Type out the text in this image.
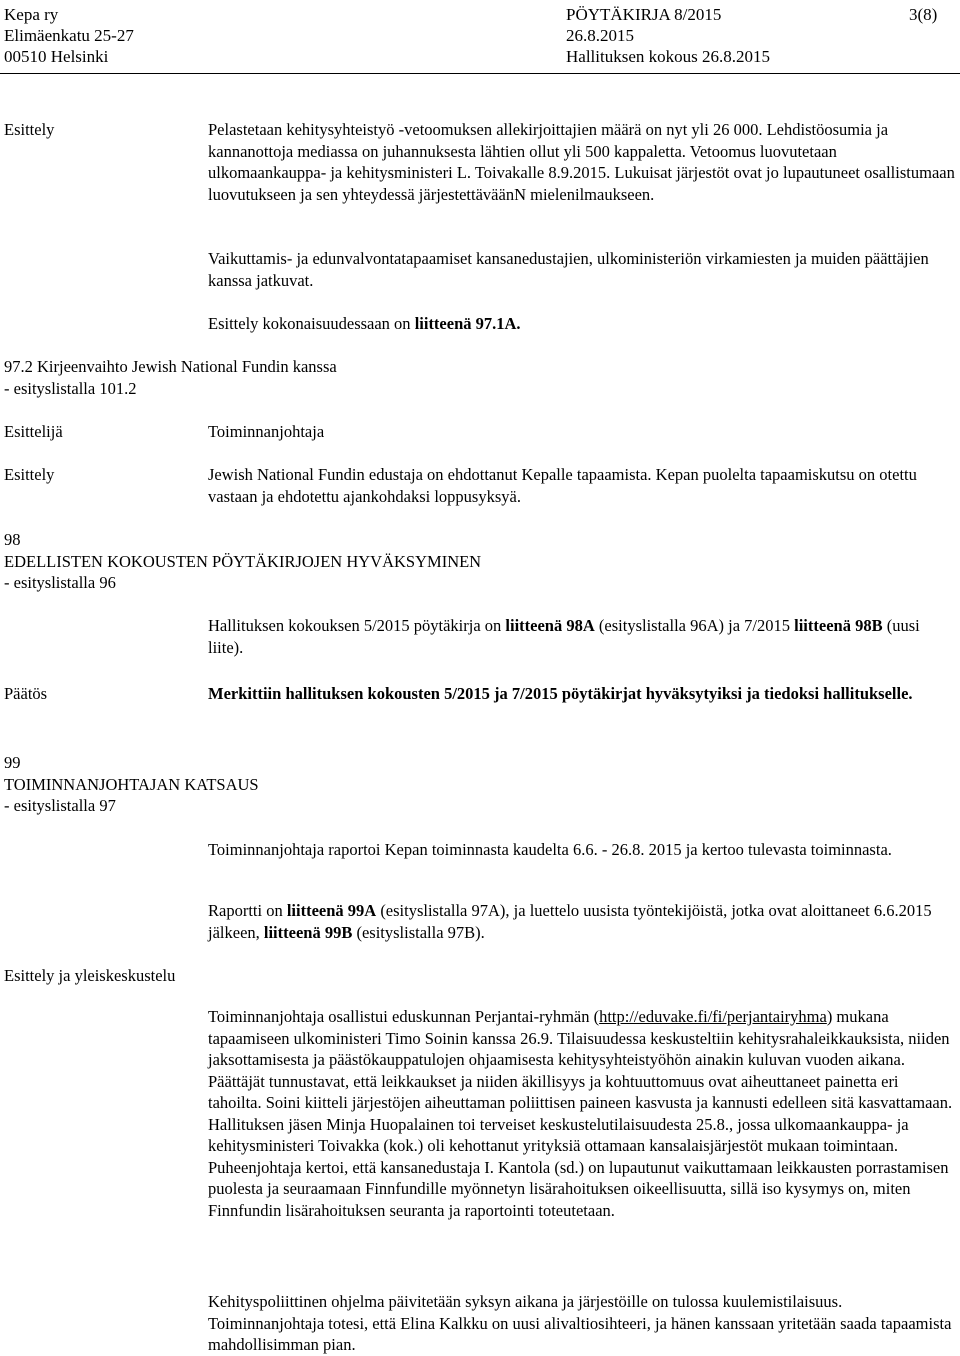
Kepa ry
Elimäenkatu 25-27
00510 Helsinki
PÖYTÄKIRJA 8/2015
26.8.2015
Hallituksen kokous 26.8.2015
3(8)
Esittely	Pelastetaan kehitysyhteistyö -vetoomuksen allekirjoittajien määrä on nyt yli 26 000. Lehdistöosumia ja kannanottoja mediassa on juhannuksesta lähtien ollut yli 500 kappaletta. Vetoomus luovutetaan ulkomaankauppa- ja kehitysministeri L. Toivakalle 8.9.2015. Lukuisat järjestöt ovat jo lupautuneet osallistumaan luovutukseen ja sen yhteydessä järjestettäväänN mielenilmaukseen.

Vaikuttamis- ja edunvalvontatapaamiset kansanedustajien, ulkoministeriön virkamiesten ja muiden päättäjien kanssa jatkuvat.

Esittely kokonaisuudessaan on liitteenä 97.1A.

97.2 Kirjeenvaihto Jewish National Fundin kanssa
- esityslistalla 101.2
Esittelijä	Toiminnanjohtaja
Esittely	Jewish National Fundin edustaja on ehdottanut Kepalle tapaamista. Kepan puolelta tapaamiskutsu on otettu vastaan ja ehdotettu ajankohdaksi loppusyksyä.

98
EDELLISTEN KOKOUSTEN PÖYTÄKIRJOJEN HYVÄKSYMINEN
- esityslistalla 96

Hallituksen kokouksen 5/2015 pöytäkirja on liitteenä 98A (esityslistalla 96A) ja 7/2015 liitteenä 98B (uusi liite).

Päätös	Merkittiin hallituksen kokousten 5/2015 ja 7/2015 pöytäkirjat hyväksytyiksi ja tiedoksi hallitukselle.

99
TOIMINNANJOHTAJAN KATSAUS
- esityslistalla 97

Toiminnanjohtaja raportoi Kepan toiminnasta kaudelta 6.6. - 26.8. 2015 ja kertoo tulevasta toiminnasta.

Raportti on liitteenä 99A (esityslistalla 97A), ja luettelo uusista työntekijöistä, jotka ovat aloittaneet 6.6.2015 jälkeen, liitteenä 99B (esityslistalla 97B).

Esittely ja yleiskeskustelu

Toiminnanjohtaja osallistui eduskunnan Perjantai-ryhmän (http://eduvake.fi/fi/perjantairyhma) mukana tapaamiseen ulkoministeri Timo Soinin kanssa 26.9. Tilaisuudessa keskusteltiin kehitysrahaleikkauksista, niiden jaksottamisesta ja päästökauppatulojen ohjaamisesta kehitysyhteistyöhön ainakin kuluvan vuoden aikana. Päättäjät tunnustavat, että leikkaukset ja niiden äkillisyys ja kohtuuttomuus ovat aiheuttaneet painetta eri tahoilta. Soini kiitteli järjestöjen aiheuttaman poliittisen paineen kasvusta ja kannusti edelleen sitä kasvattamaan. Hallituksen jäsen Minja Huopalainen toi terveiset keskustelutilaisuudesta 25.8., jossa ulkomaankauppa- ja kehitysministeri Toivakka (kok.) oli kehottanut yrityksiä ottamaan kansalaisjärjestöt mukaan toimintaan. Puheenjohtaja kertoi, että kansanedustaja I. Kantola (sd.) on lupautunut vaikuttamaan leikkausten porrastamisen puolesta ja seuraamaan Finnfundille myönnetyn lisärahoituksen oikeellisuutta, sillä iso kysymys on, miten Finnfundin lisärahoituksen seuranta ja raportointi toteutetaan.

Kehityspoliittinen ohjelma päivitetään syksyn aikana ja järjestöille on tulossa kuulemistilaisuus. Toiminnanjohtaja totesi, että Elina Kalkku on uusi alivaltiosihteeri, ja hänen kanssaan yritetään saada tapaamista mahdollisimman pian.
